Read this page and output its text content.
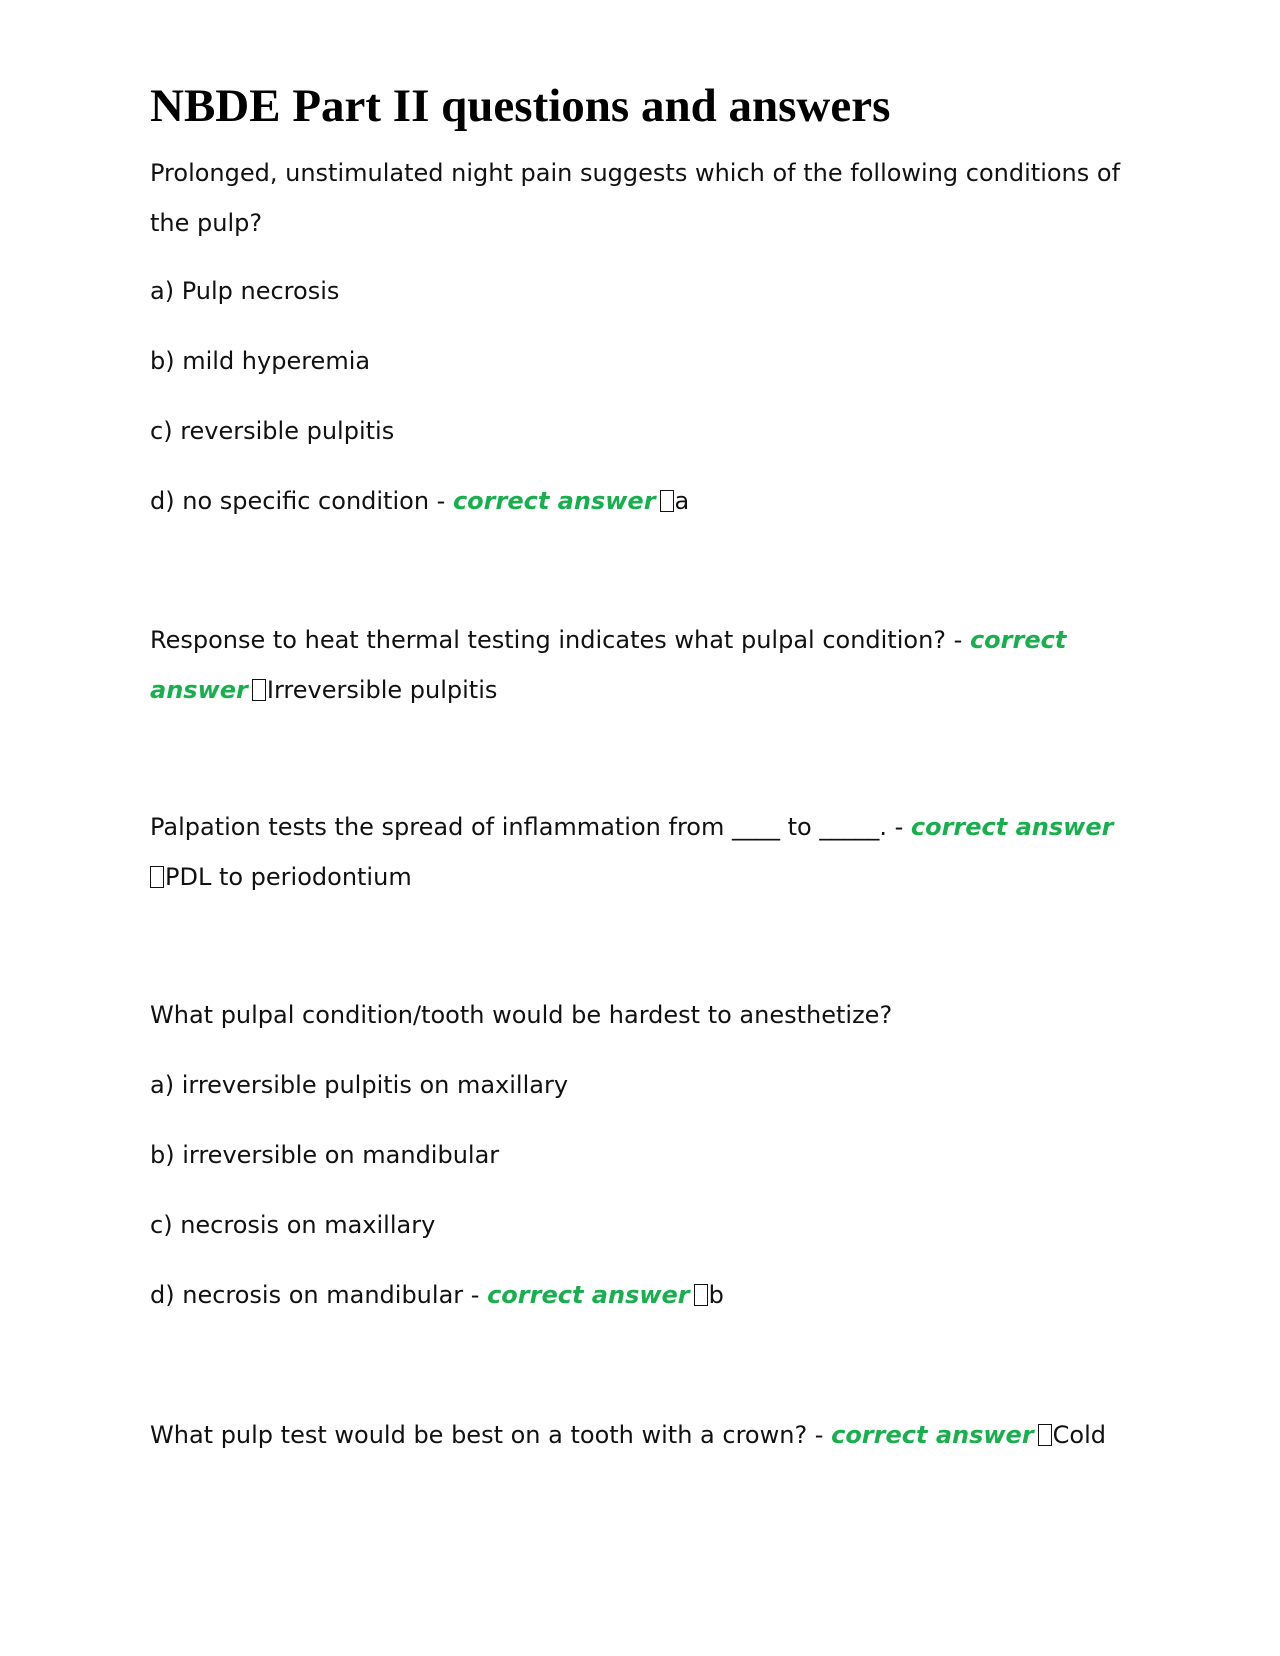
NBDE Part II questions and answers

Prolonged, unstimulated night pain suggests which of the following conditions of the pulp?

a) Pulp necrosis

b) mild hyperemia

c) reversible pulpitis

d) no specific condition - correct answer a

Response to heat thermal testing indicates what pulpal condition? - correct answer Irreversible pulpitis

Palpation tests the spread of inflammation from ____ to _____. - correct answer
PDL to periodontium

What pulpal condition/tooth would be hardest to anesthetize?

a) irreversible pulpitis on maxillary

b) irreversible on mandibular

c) necrosis on maxillary

d) necrosis on mandibular - correct answer b

What pulp test would be best on a tooth with a crown? - correct answer Cold
